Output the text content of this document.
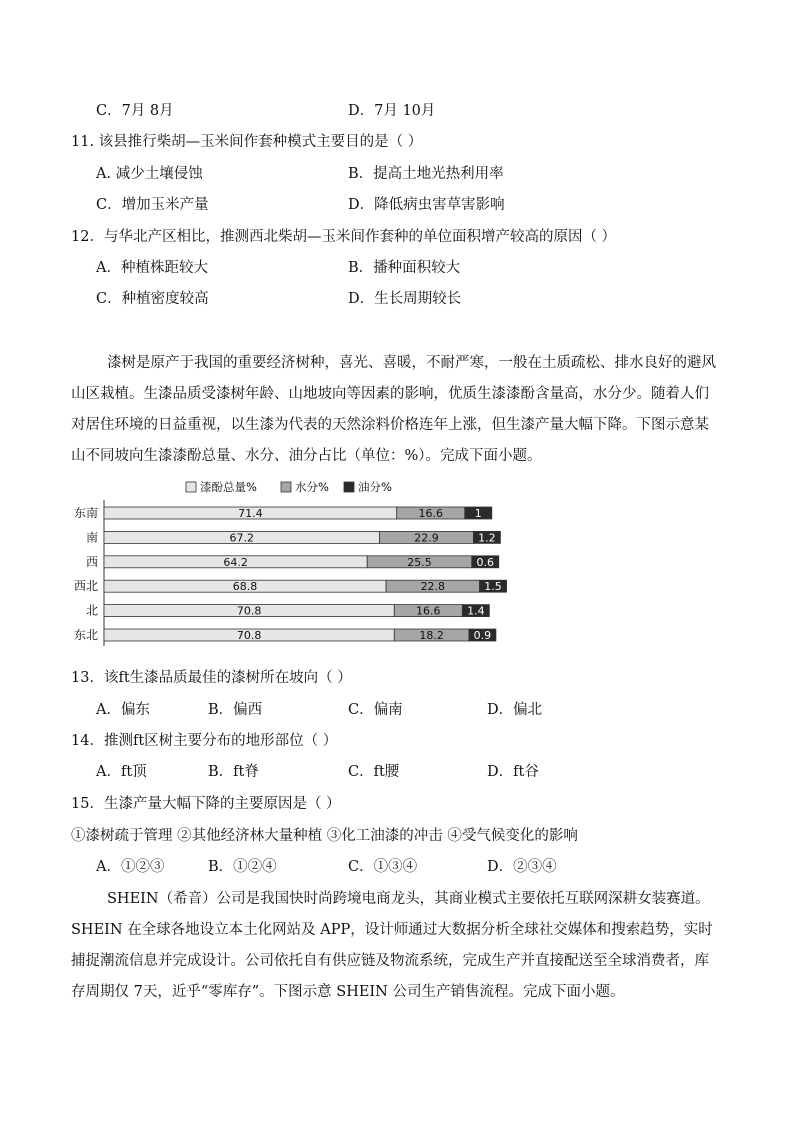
C．7月 8月	D．7月 10月
11. 该县推行柴胡—玉米间作套种模式主要目的是（ ）
A. 减少土壤侵蚀	B．提高土地光热利用率
C．增加玉米产量	D．降低病虫害草害影响
12．与华北产区相比，推测西北柴胡—玉米间作套种的单位面积增产较高的原因（ ）
A．种植株距较大	B．播种面积较大
C．种植密度较高	D．生长周期较长
漆树是原产于我国的重要经济树种，喜光、喜暖，不耐严寒，一般在土质疏松、排水良好的避风山区栽植。生漆品质受漆树年龄、山地坡向等因素的影响，优质生漆漆酚含量高，水分少。随着人们对居住环境的日益重视，以生漆为代表的天然涂料价格连年上涨，但生漆产量大幅下降。下图示意某山不同坡向生漆漆酚总量、水分、油分占比（单位：%）。完成下面小题。
漆酚总量%	水分%	油分%
东南
南
西
西北
北
东北
71.4	16.6	1
67.2	22.9	1.2
64.2	25.5	0.6
68.8	22.8	1.5
70.8	16.6 1.4
70.8	18.2	0.9
13．该ft生漆品质最佳的漆树所在坡向（ ）
A．偏东	B．偏西	C．偏南	D．偏北
14．推测ft区树主要分布的地形部位（ ）
A．ft顶	B．ft脊	C．ft腰	D．ft谷
15．生漆产量大幅下降的主要原因是（ ）
①漆树疏于管理 ②其他经济林大量种植 ③化工油漆的冲击 ④受气候变化的影响
A．①②③	B．①②④	C．①③④	D．②③④
SHEIN（希音）公司是我国快时尚跨境电商龙头，其商业模式主要依托互联网深耕女装赛道。SHEIN 在全球各地设立本土化网站及 APP，设计师通过大数据分析全球社交媒体和搜索趋势，实时捕捉潮流信息并完成设计。公司依托自有供应链及物流系统，完成生产并直接配送至全球消费者，库存周期仅 7天，近乎“零库存”。下图示意 SHEIN 公司生产销售流程。完成下面小题。
